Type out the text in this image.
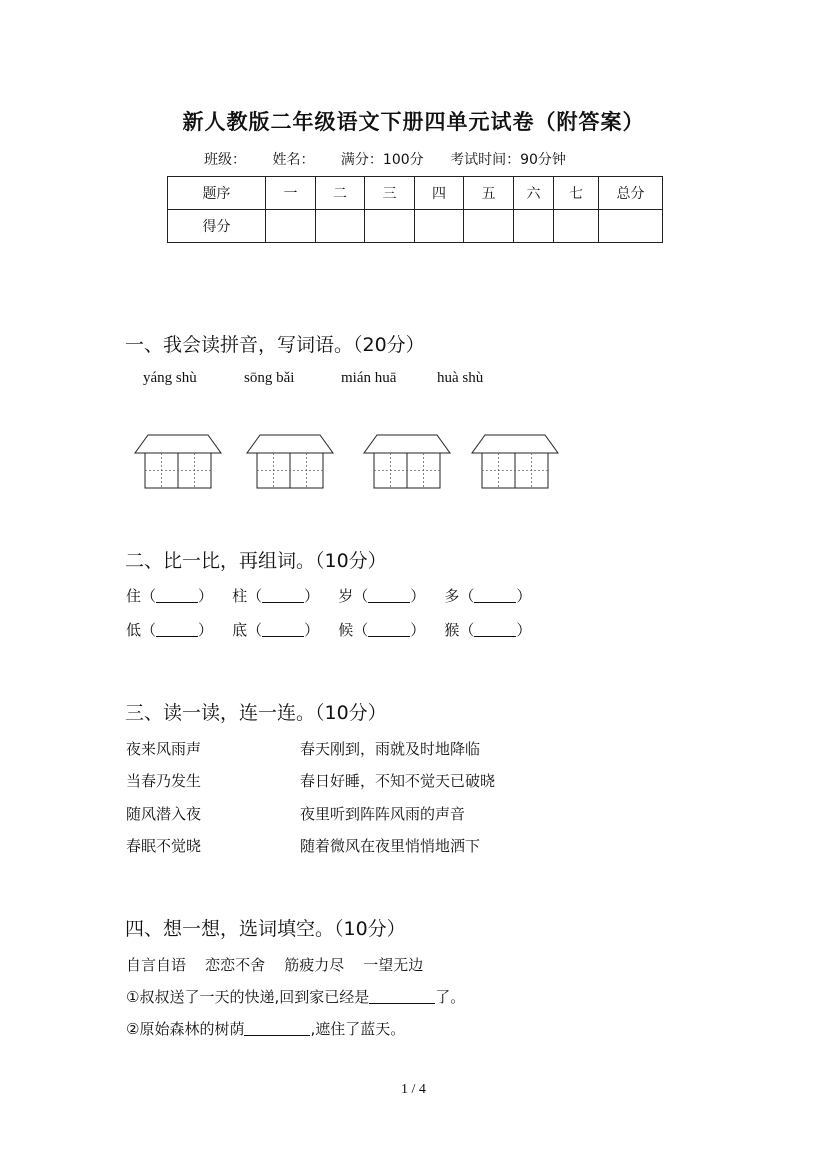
新人教版二年级语文下册四单元试卷（附答案）
班级： 姓名： 满分：100分 考试时间：90分钟
题序	一	二	三	四	五	六	七	总分
得分								
一、我会读拼音，写词语。（20分）
yáng shù	sōng bǎi	mián huā	huà shù
二、比一比，再组词。（10分）
住（	） 柱（	） 岁（	） 多（	）
低（	） 底（	） 候（	） 猴（	）
三、读一读，连一连。（10分）
夜来风雨声
当春乃发生
随风潜入夜
春眠不觉晓
春天刚到，雨就及时地降临
春日好睡，不知不觉天已破晓
夜里听到阵阵风雨的声音
随着微风在夜里悄悄地洒下
四、想一想，选词填空。（10分）
自言自语 恋恋不舍 筋疲力尽 一望无边
①叔叔送了一天的快递,回到家已经是	了。
②原始森林的树荫	,遮住了蓝天。
1 / 4
